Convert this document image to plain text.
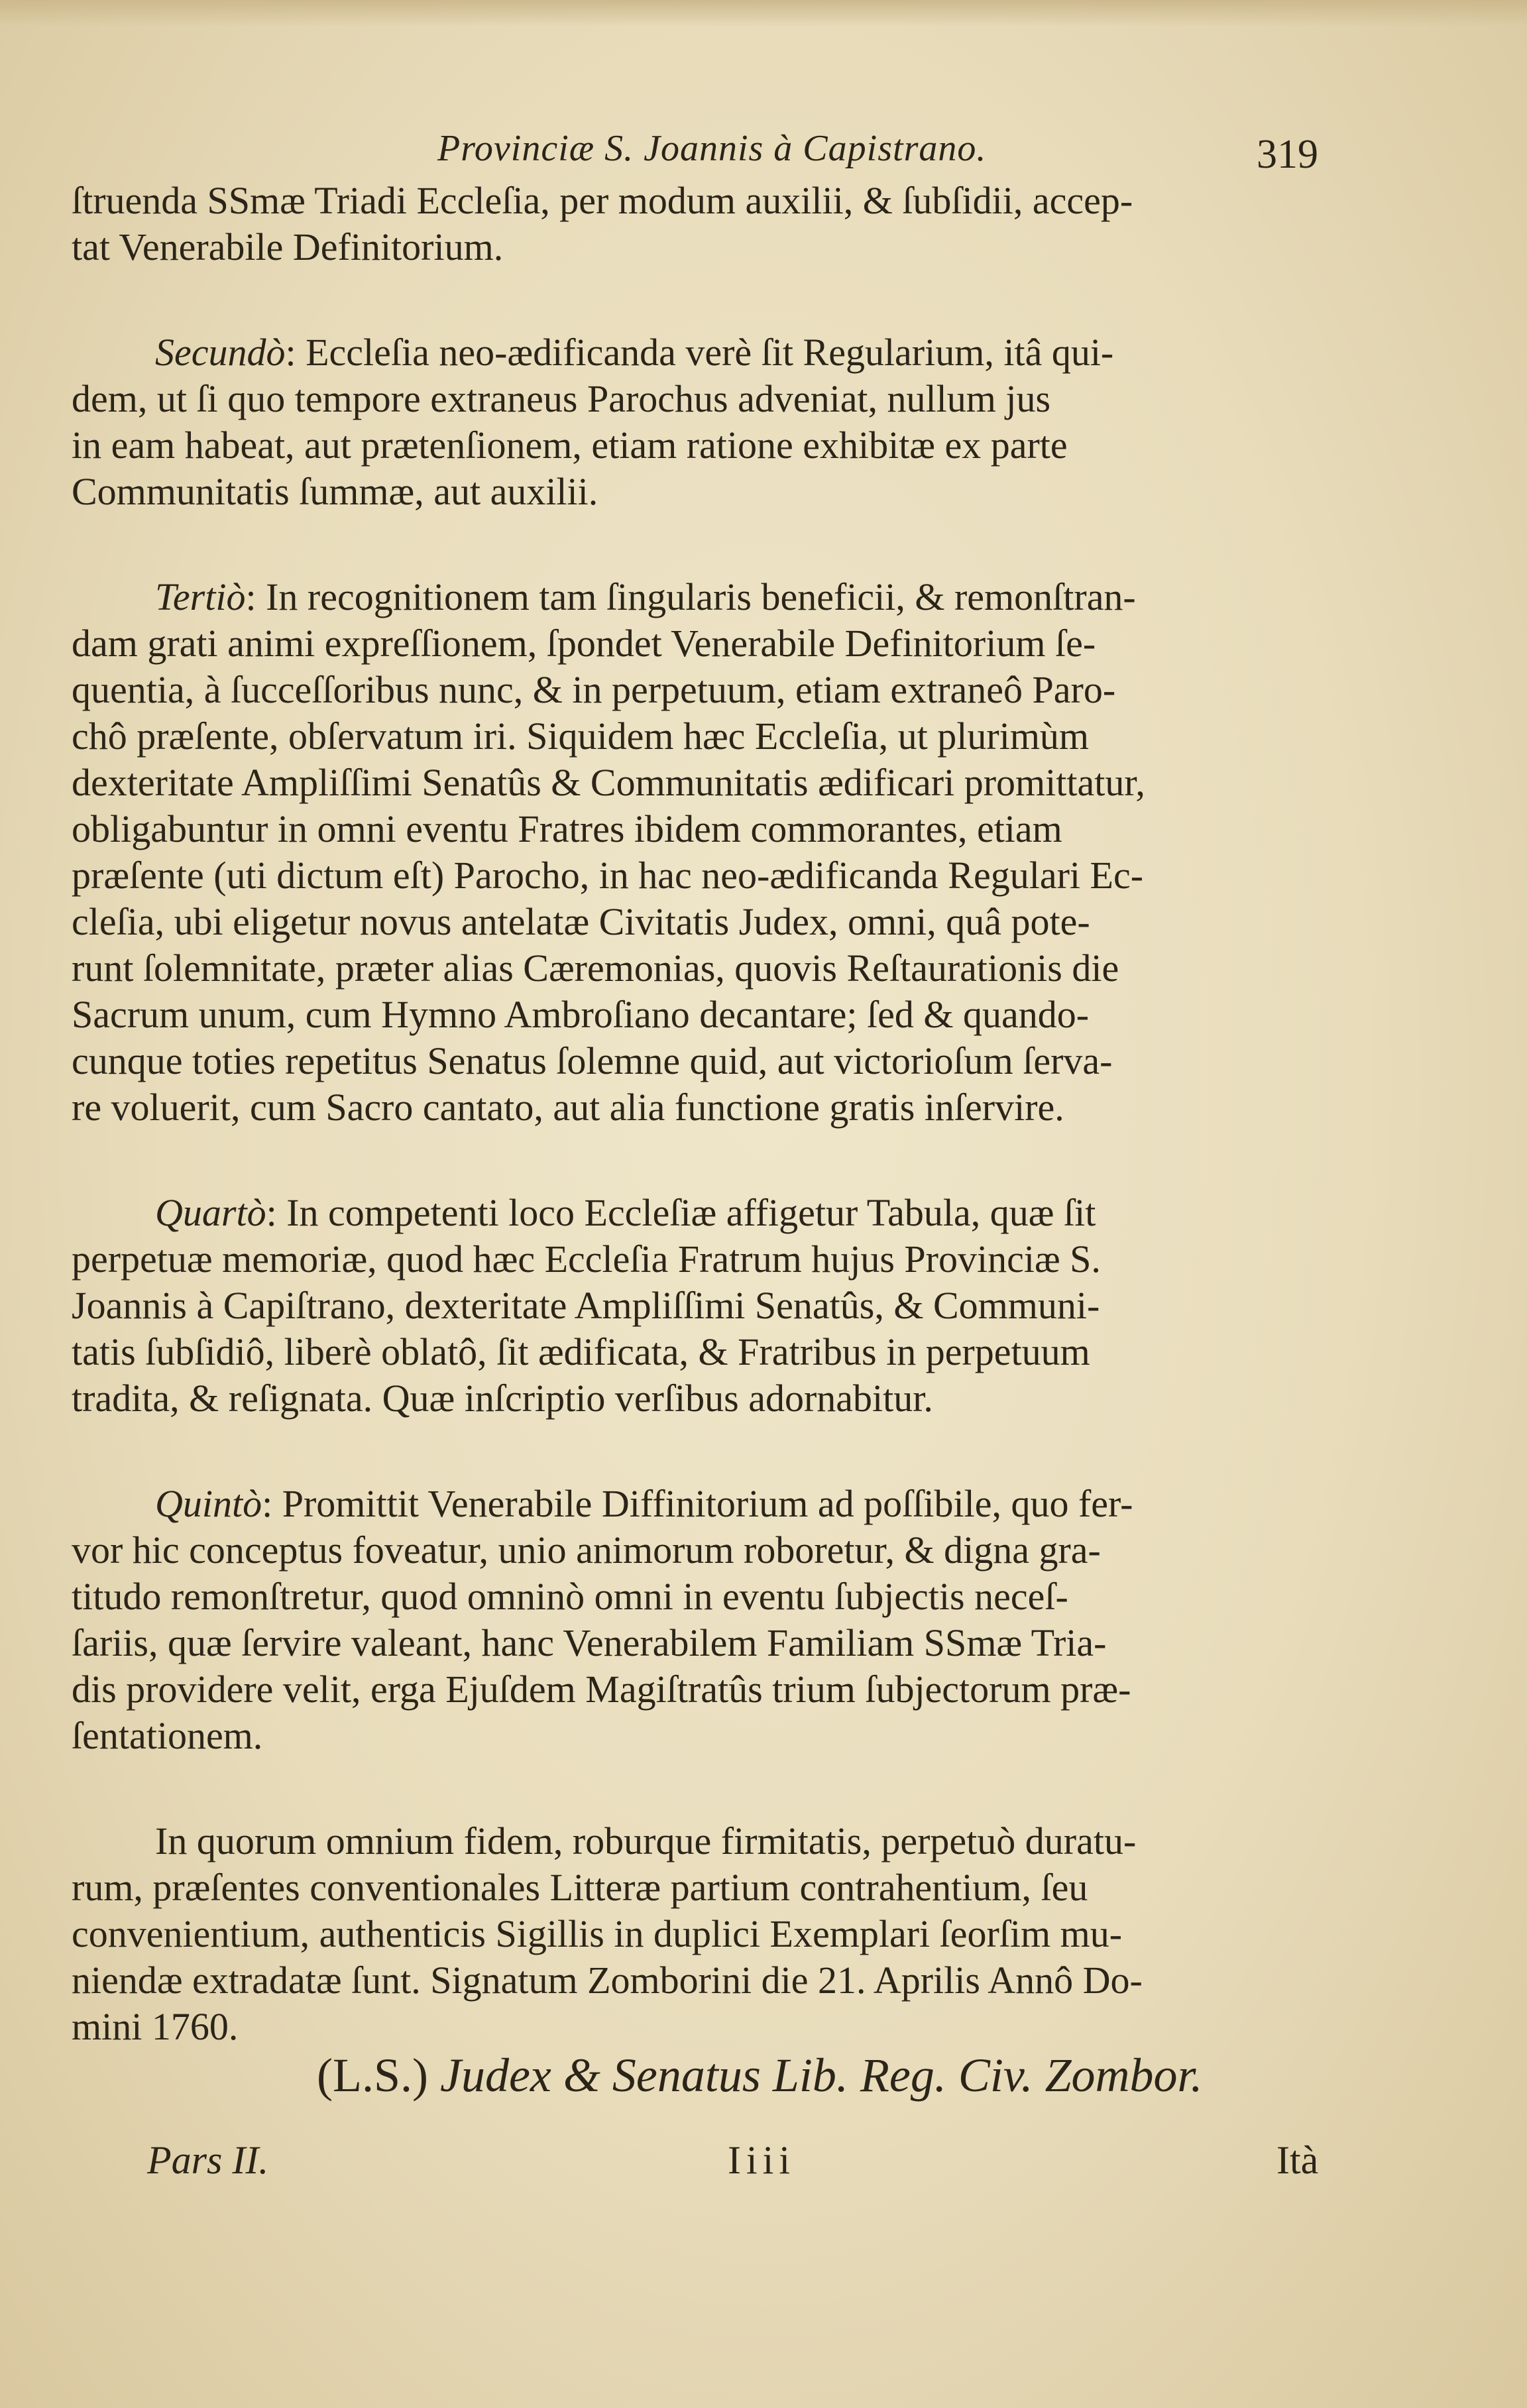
Provinciæ S. Joannis à Capistrano.	319
ſtruenda SSmæ Triadi Eccleſia, per modum auxilii, & ſubſidii, accep-
tat Venerabile Definitorium.
Secundò: Eccleſia neo-ædificanda verè ſit Regularium, itâ qui-
dem, ut ſi quo tempore extraneus Parochus adveniat, nullum jus
in eam habeat, aut prætenſionem, etiam ratione exhibitæ ex parte
Communitatis ſummæ, aut auxilii.
Tertiò: In recognitionem tam ſingularis beneficii, & remonſtran-
dam grati animi expreſſionem, ſpondet Venerabile Definitorium ſe-
quentia, à ſucceſſoribus nunc, & in perpetuum, etiam extraneô Paro-
chô præſente, obſervatum iri. Siquidem hæc Eccleſia, ut plurimùm
dexteritate Ampliſſimi Senatûs & Communitatis ædificari promittatur,
obligabuntur in omni eventu Fratres ibidem commorantes, etiam
præſente (uti dictum eſt) Parocho, in hac neo-ædificanda Regulari Ec-
cleſia, ubi eligetur novus antelatæ Civitatis Judex, omni, quâ pote-
runt ſolemnitate, præter alias Cæremonias, quovis Reſtaurationis die
Sacrum unum, cum Hymno Ambroſiano decantare; ſed & quando-
cunque toties repetitus Senatus ſolemne quid, aut victorioſum ſerva-
re voluerit, cum Sacro cantato, aut alia functione gratis inſervire.
Quartò: In competenti loco Eccleſiæ affigetur Tabula, quæ ſit
perpetuæ memoriæ, quod hæc Eccleſia Fratrum hujus Provinciæ S.
Joannis à Capiſtrano, dexteritate Ampliſſimi Senatûs, & Communi-
tatis ſubſidiô, liberè oblatô, ſit ædificata, & Fratribus in perpetuum
tradita, & reſignata. Quæ inſcriptio verſibus adornabitur.
Quintò: Promittit Venerabile Diffinitorium ad poſſibile, quo fer-
vor hic conceptus foveatur, unio animorum roboretur, & digna gra-
titudo remonſtretur, quod omninò omni in eventu ſubjectis neceſ-
ſariis, quæ ſervire valeant, hanc Venerabilem Familiam SSmæ Tria-
dis providere velit, erga Ejuſdem Magiſtratûs trium ſubjectorum præ-
ſentationem.
In quorum omnium fidem, roburque firmitatis, perpetuò duratu-
rum, præſentes conventionales Litteræ partium contrahentium, ſeu
convenientium, authenticis Sigillis in duplici Exemplari ſeorſim mu-
niendæ extradatæ ſunt. Signatum Zomborini die 21. Aprilis Annô Do-
mini 1760.
(L.S.) Judex & Senatus Lib. Reg. Civ. Zombor.
Pars II.	Iiii	Ità
